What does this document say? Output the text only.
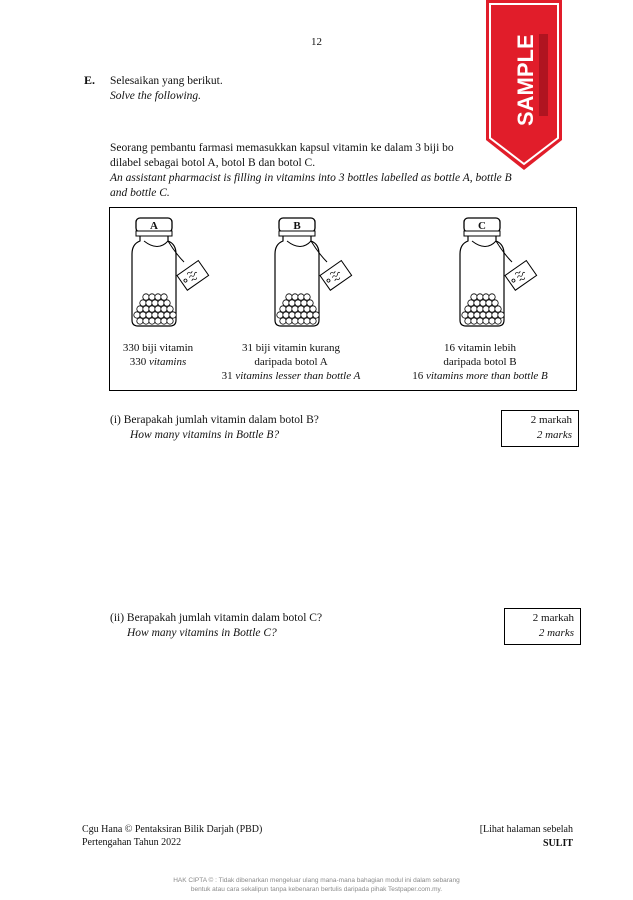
12
E. Selesaikan yang berikut.
Solve the following.
Seorang pembantu farmasi memasukkan kapsul vitamin ke dalam 3 biji bo
dilabel sebagai botol A, botol B dan botol C.
An assistant pharmacist is filling in vitamins into 3 bottles labelled as bottle A, bottle B
and bottle C.
SAMPLE
A	B	C
330 biji vitamin
330 vitamins
31 biji vitamin kurang
daripada botol A
31 vitamins lesser than bottle A
16 vitamin lebih
daripada botol B
16 vitamins more than bottle B
(i) Berapakah jumlah vitamin dalam botol B?
How many vitamins in Bottle B?
2 markah
2 marks
(ii) Berapakah jumlah vitamin dalam botol C?
How many vitamins in Bottle C?
2 markah
2 marks
Cgu Hana © Pentaksiran Bilik Darjah (PBD)
Pertengahan Tahun 2022
[Lihat halaman sebelah
SULIT
HAK CIPTA © : Tidak dibenarkan mengeluar ulang mana-mana bahagian modul ini dalam sebarang
bentuk atau cara sekalipun tanpa kebenaran bertulis daripada pihak Testpaper.com.my.
